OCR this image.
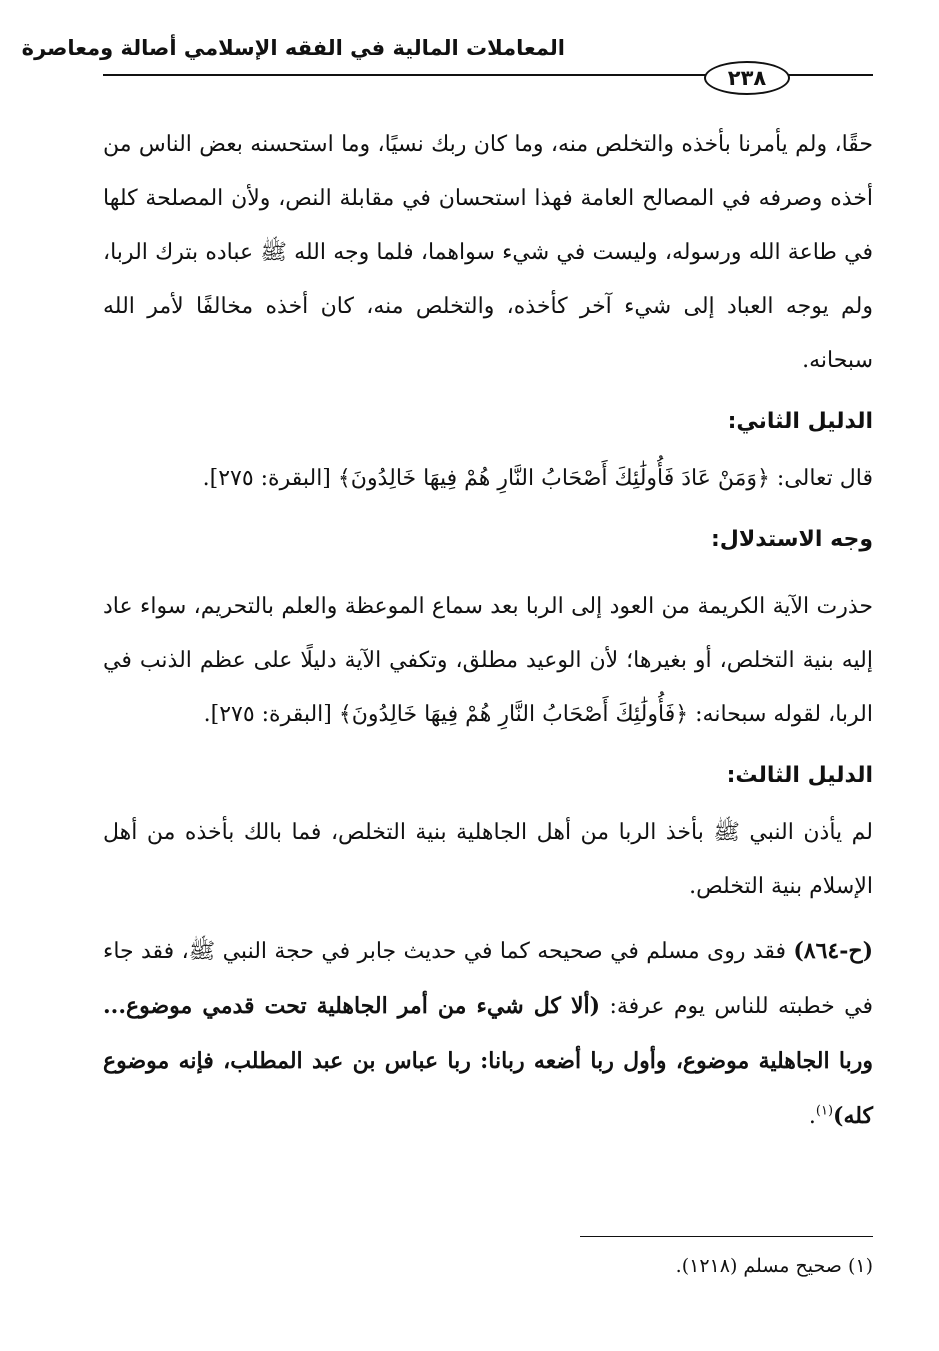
المعاملات المالية في الفقه الإسلامي أصالة ومعاصرة
٢٣٨

حقًا، ولم يأمرنا بأخذه والتخلص منه، وما كان ربك نسيًا، وما استحسنه بعض الناس من أخذه وصرفه في المصالح العامة فهذا استحسان في مقابلة النص، ولأن المصلحة كلها في طاعة الله ورسوله، وليست في شيء سواهما، فلما وجه الله ﷺ عباده بترك الربا، ولم يوجه العباد إلى شيء آخر كأخذه، والتخلص منه، كان أخذه مخالفًا لأمر الله سبحانه.

الدليل الثاني:

قال تعالى: ﴿وَمَنْ عَادَ فَأُولَٰئِكَ أَصْحَابُ النَّارِ هُمْ فِيهَا خَالِدُونَ﴾ [البقرة: ٢٧٥].

وجه الاستدلال:

حذرت الآية الكريمة من العود إلى الربا بعد سماع الموعظة والعلم بالتحريم، سواء عاد إليه بنية التخلص، أو بغيرها؛ لأن الوعيد مطلق، وتكفي الآية دليلًا على عظم الذنب في الربا، لقوله سبحانه: ﴿فَأُولَٰئِكَ أَصْحَابُ النَّارِ هُمْ فِيهَا خَالِدُونَ﴾ [البقرة: ٢٧٥].

الدليل الثالث:

لم يأذن النبي ﷺ بأخذ الربا من أهل الجاهلية بنية التخلص، فما بالك بأخذه من أهل الإسلام بنية التخلص.

(ح-٨٦٤) فقد روى مسلم في صحيحه كما في حديث جابر في حجة النبي ﷺ، فقد جاء في خطبته للناس يوم عرفة: (ألا كل شيء من أمر الجاهلية تحت قدمي موضوع... وربا الجاهلية موضوع، وأول ربا أضعه ربانا: ربا عباس بن عبد المطلب، فإنه موضوع كله)$^{(١)}$.

(١) صحيح مسلم (١٢١٨).
